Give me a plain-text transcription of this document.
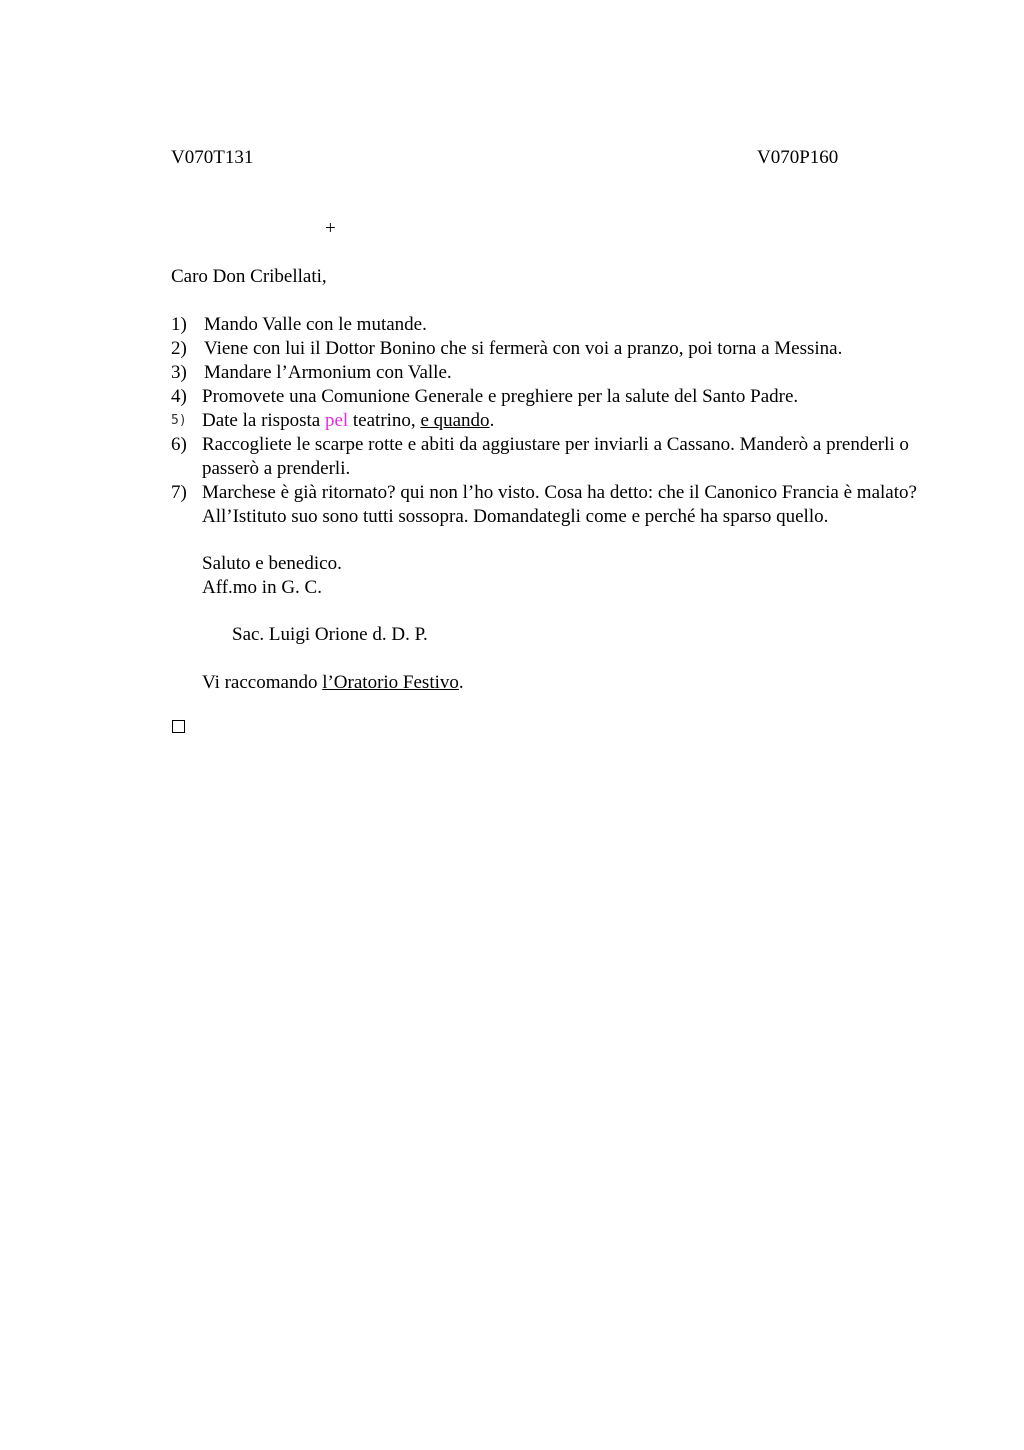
V070T131	V070P160
+
Caro Don Cribellati,
1) Mando Valle con le mutande.
2) Viene con lui il Dottor Bonino che si fermerà con voi a pranzo, poi torna a Messina.
3) Mandare l’Armonium con Valle.
4) Promovete una Comunione Generale e preghiere per la salute del Santo Padre.
5) Date la risposta pel teatrino, e quando.
6) Raccogliete le scarpe rotte e abiti da aggiustare per inviarli a Cassano. Manderò a prenderli o passerò a prenderli.
7) Marchese è già ritornato? qui non l’ho visto. Cosa ha detto: che il Canonico Francia è malato? All’Istituto suo sono tutti sossopra. Domandategli come e perché ha sparso quello.
Saluto e benedico.
Aff.mo in G. C.
Sac. Luigi Orione d. D. P.
Vi raccomando l’Oratorio Festivo.
